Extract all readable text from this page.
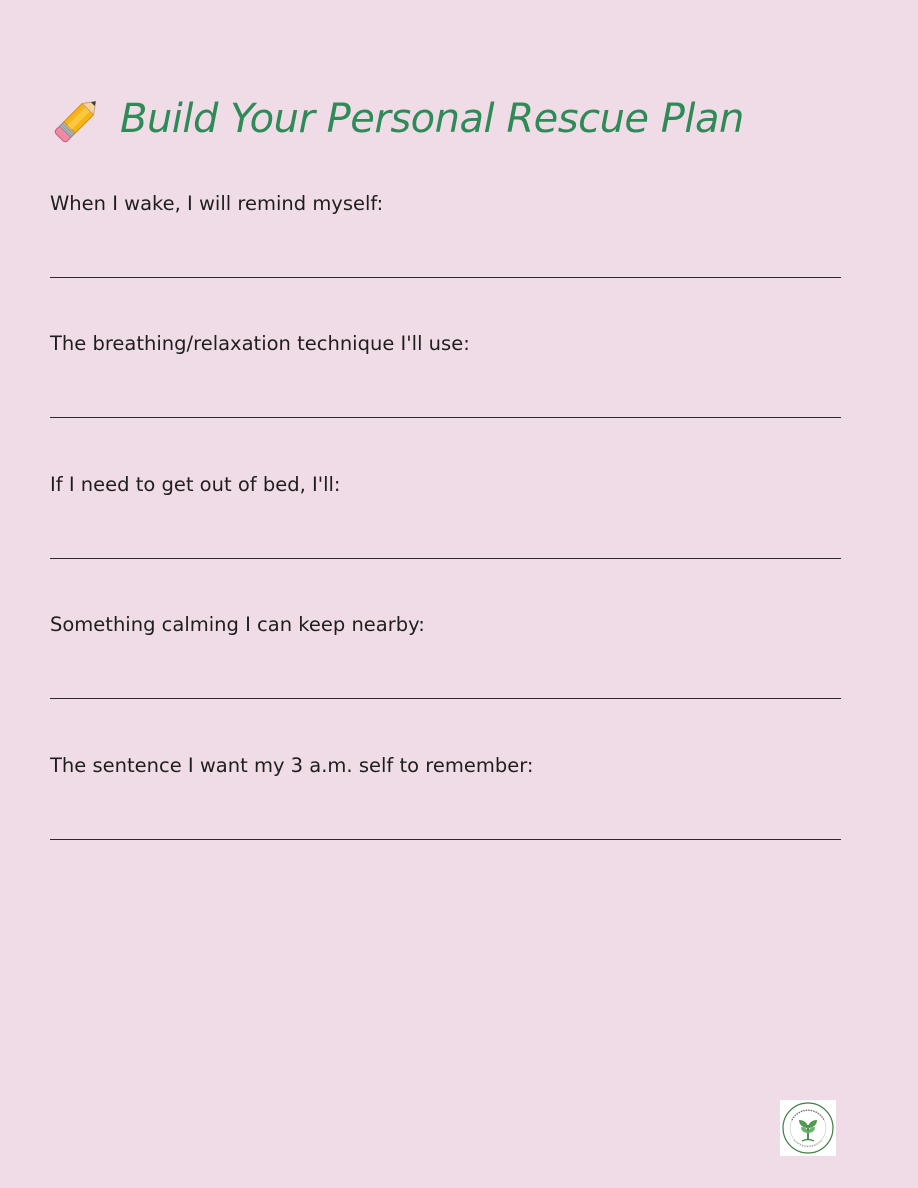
Build Your Personal Rescue Plan
When I wake, I will remind myself:
The breathing/relaxation technique I'll use:
If I need to get out of bed, I'll:
Something calming I can keep nearby:
The sentence I want my 3 a.m. self to remember:
